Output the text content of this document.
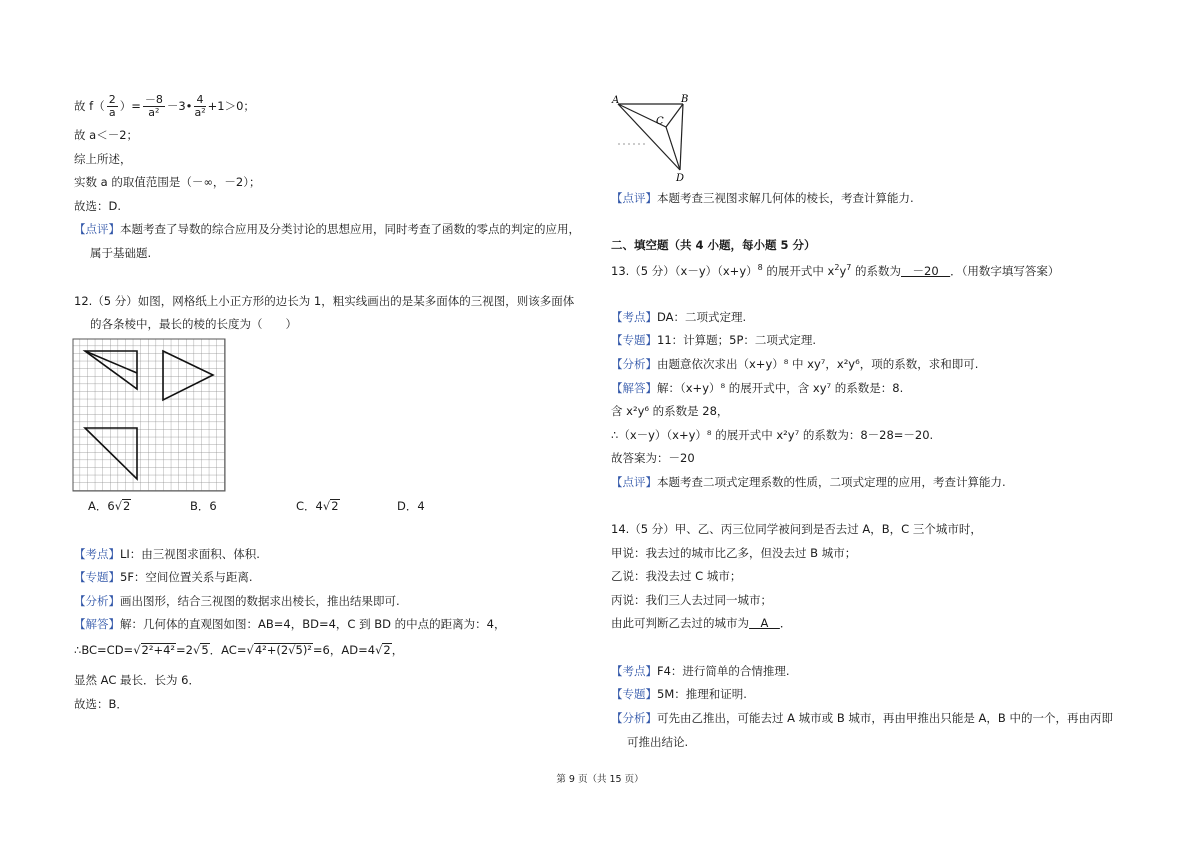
故 $f( \frac{2}{a}$ ）= $\frac{-8}{\text{a²}}$ －3• $\frac{4}{\text{a²}} +1>0$；
故 a＜－2；
综上所述，
实数 a 的取值范围是（－∞，－2）；
故选：D.
【点评】本题考查了导数的综合应用及分类讨论的思想应用，同时考查了函数的零点的判定的应用，
属于基础题.
12.（5 分）如图，网格纸上小正方形的边长为 1，粗实线画出的是某多面体的三视图，则该多面体
的各条棱中，最长的棱的长度为（　　）
A．6√2	B．6	C．4√2	D．4
【考点】LI：由三视图求面积、体积.
【专题】5F：空间位置关系与距离.
【分析】画出图形，结合三视图的数据求出棱长，推出结果即可.
【解答】解：几何体的直观图如图：AB=4，BD=4，C 到 BD 的中点的距离为：4，
∴BC=CD=√2²+4²=2√5．AC=√4²+(2√5)²=6，AD=4√2，
显然 AC 最长．长为 6．
故选：B．
A	B
C
D
【点评】本题考查三视图求解几何体的棱长，考查计算能力.
二、填空题（共 4 小题，每小题 5 分）
13.（5 分）$(x-y)(x+y)^8$ 的展开式中 $x^2y^7$ 的系数为　－20　．（用数字填写答案）
【考点】DA：二项式定理.
【专题】11：计算题；5P：二项式定理.
【分析】由题意依次求出（x+y）⁸ 中 xy⁷，x²y⁶，项的系数，求和即可.
【解答】解：（x+y）⁸ 的展开式中，含 xy⁷ 的系数是：8.
含 x²y⁶ 的系数是 28，
∴（x－y）（x+y）⁸ 的展开式中 x²y⁷ 的系数为：8－28=－20.
故答案为：－20
【点评】本题考查二项式定理系数的性质，二项式定理的应用，考查计算能力.
14.（5 分）甲、乙、丙三位同学被问到是否去过 A，B，C 三个城市时，
甲说：我去过的城市比乙多，但没去过 B 城市；
乙说：我没去过 C 城市；
丙说：我们三人去过同一城市；
由此可判断乙去过的城市为　A　．
【考点】F4：进行简单的合情推理.
【专题】5M：推理和证明.
【分析】可先由乙推出，可能去过 A 城市或 B 城市，再由甲推出只能是 A，B 中的一个，再由丙即
可推出结论.
第 9 页（共 15 页）
